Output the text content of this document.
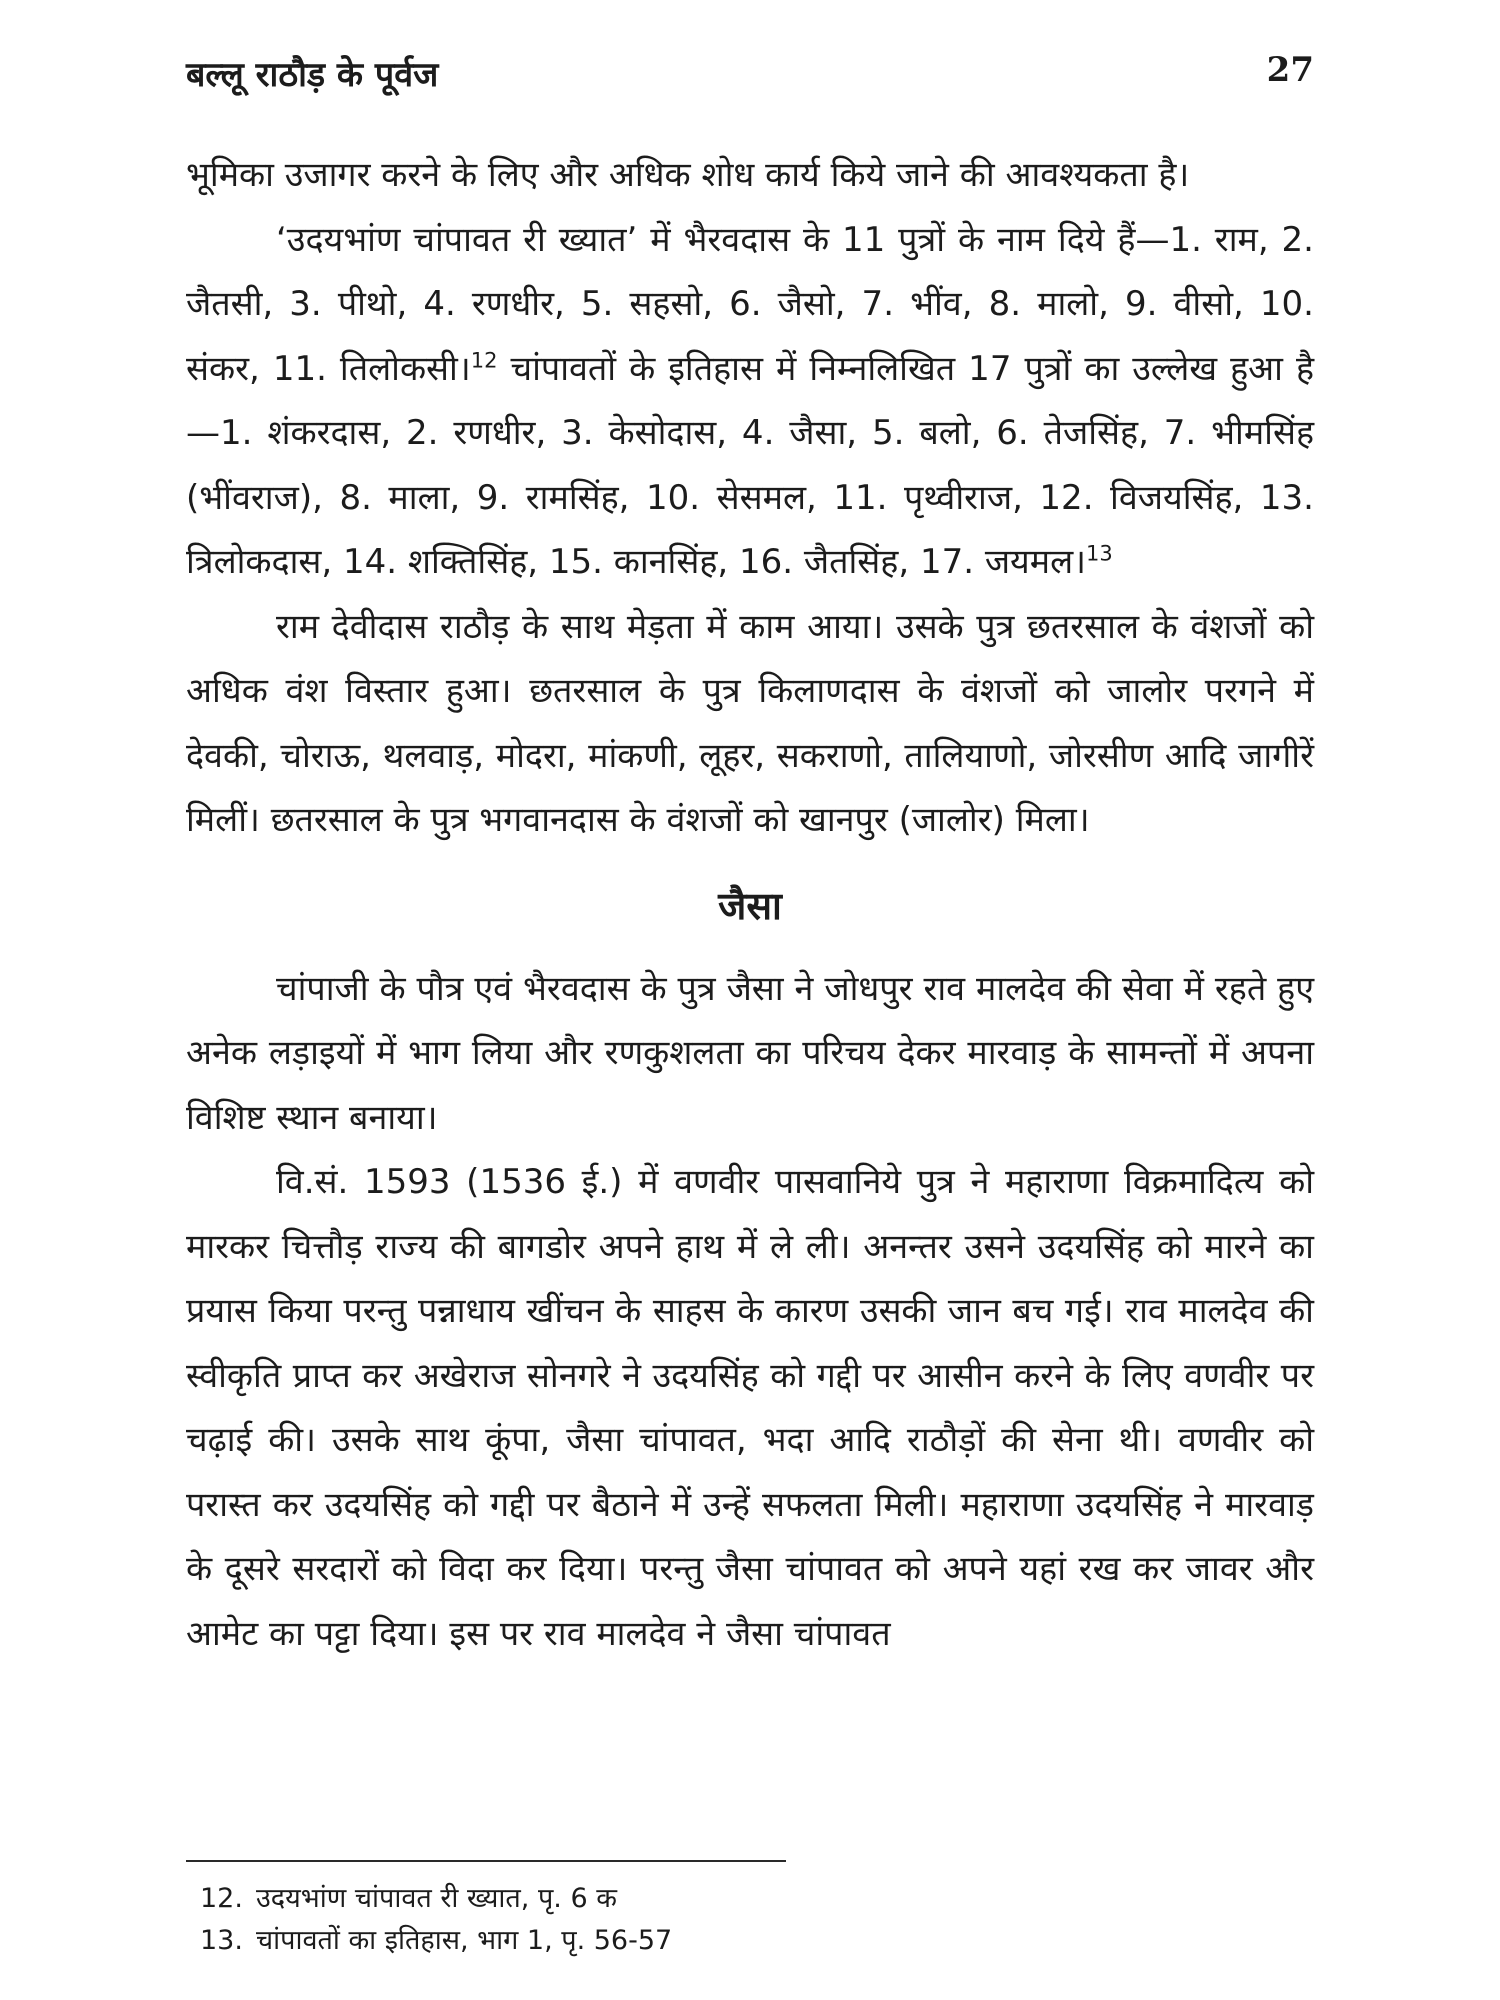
बल्लू राठौड़ के पूर्वज	27

भूमिका उजागर करने के लिए और अधिक शोध कार्य किये जाने की आवश्यकता है।

‘उदयभांण चांपावत री ख्यात’ में भैरवदास के 11 पुत्रों के नाम दिये हैं—1. राम, 2. जैतसी, 3. पीथो, 4. रणधीर, 5. सहसो, 6. जैसो, 7. भींव, 8. मालो, 9. वीसो, 10. संकर, 11. तिलोकसी।$^{12}$ चांपावतों के इतिहास में निम्नलिखित 17 पुत्रों का उल्लेख हुआ है—1. शंकरदास, 2. रणधीर, 3. केसोदास, 4. जैसा, 5. बलो, 6. तेजसिंह, 7. भीमसिंह (भींवराज), 8. माला, 9. रामसिंह, 10. सेसमल, 11. पृथ्वीराज, 12. विजयसिंह, 13. त्रिलोकदास, 14. शक्तिसिंह, 15. कानसिंह, 16. जैतसिंह, 17. जयमल।$^{13}$

राम देवीदास राठौड़ के साथ मेड़ता में काम आया। उसके पुत्र छतरसाल के वंशजों को अधिक वंश विस्तार हुआ। छतरसाल के पुत्र किलाणदास के वंशजों को जालोर परगने में देवकी, चोराऊ, थलवाड़, मोदरा, मांकणी, लूहर, सकराणो, तालियाणो, जोरसीण आदि जागीरें मिलीं। छतरसाल के पुत्र भगवानदास के वंशजों को खानपुर (जालोर) मिला।

जैसा

चांपाजी के पौत्र एवं भैरवदास के पुत्र जैसा ने जोधपुर राव मालदेव की सेवा में रहते हुए अनेक लड़ाइयों में भाग लिया और रणकुशलता का परिचय देकर मारवाड़ के सामन्तों में अपना विशिष्ट स्थान बनाया।

वि.सं. 1593 (1536 ई.) में वणवीर पासवानिये पुत्र ने महाराणा विक्रमादित्य को मारकर चित्तौड़ राज्य की बागडोर अपने हाथ में ले ली। अनन्तर उसने उदयसिंह को मारने का प्रयास किया परन्तु पन्नाधाय खींचन के साहस के कारण उसकी जान बच गई। राव मालदेव की स्वीकृति प्राप्त कर अखेराज सोनगरे ने उदयसिंह को गद्दी पर आसीन करने के लिए वणवीर पर चढ़ाई की। उसके साथ कूंपा, जैसा चांपावत, भदा आदि राठौड़ों की सेना थी। वणवीर को परास्त कर उदयसिंह को गद्दी पर बैठाने में उन्हें सफलता मिली। महाराणा उदयसिंह ने मारवाड़ के दूसरे सरदारों को विदा कर दिया। परन्तु जैसा चांपावत को अपने यहां रख कर जावर और आमेट का पट्टा दिया। इस पर राव मालदेव ने जैसा चांपावत

12. उदयभांण चांपावत री ख्यात, पृ. 6 क
13. चांपावतों का इतिहास, भाग 1, पृ. 56-57
